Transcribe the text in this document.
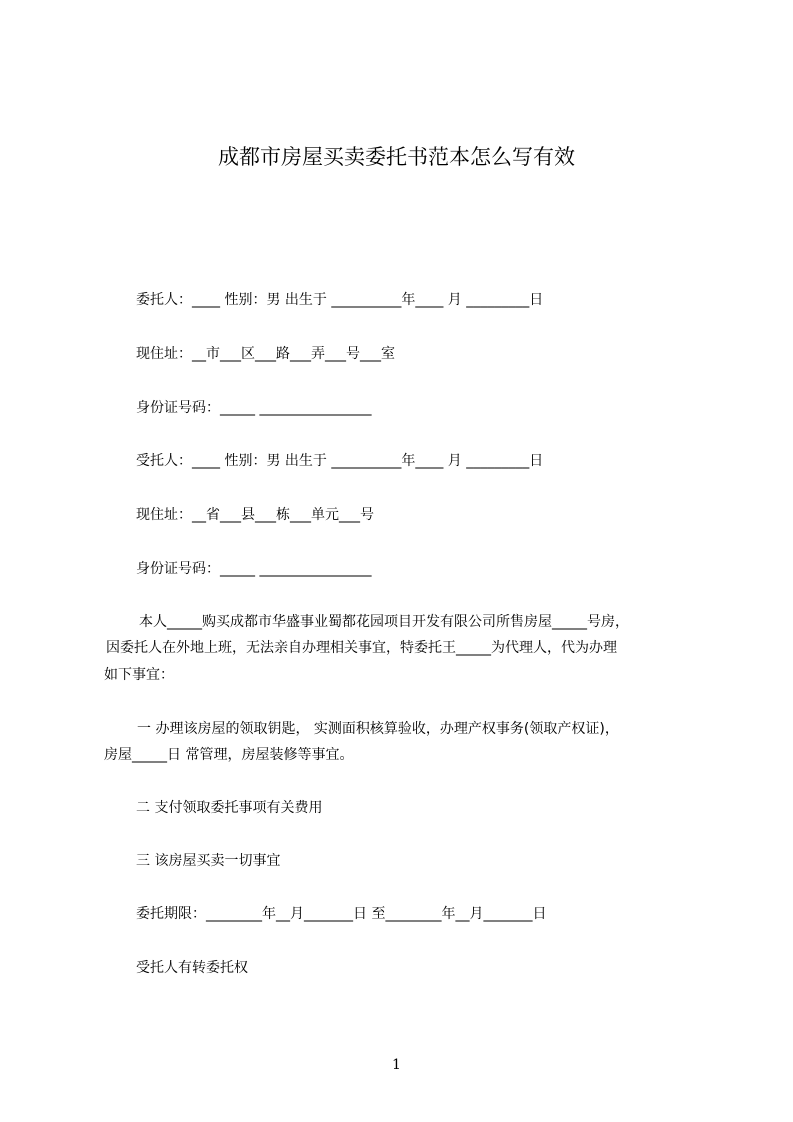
成都市房屋买卖委托书范本怎么写有效
委托人：____ 性别：男 出生于 __________年____ 月 _________日
现住址：__市___区___路___弄___号___室
身份证号码：_____ ________________
受托人：____ 性别：男 出生于 __________年____ 月 _________日
现住址：__省___县___栋___单元___号
身份证号码：_____ ________________
本人_____购买成都市华盛事业蜀都花园项目开发有限公司所售房屋_____号房，
因委托人在外地上班，无法亲自办理相关事宜，特委托王_____为代理人，代为办理
如下事宜：
一 办理该房屋的领取钥匙， 实测面积核算验收，办理产权事务(领取产权证)，
房屋_____日 常管理，房屋装修等事宜。
二 支付领取委托事项有关费用
三 该房屋买卖一切事宜
委托期限：________年__月_______日 至________年__月_______日
受托人有转委托权
1
